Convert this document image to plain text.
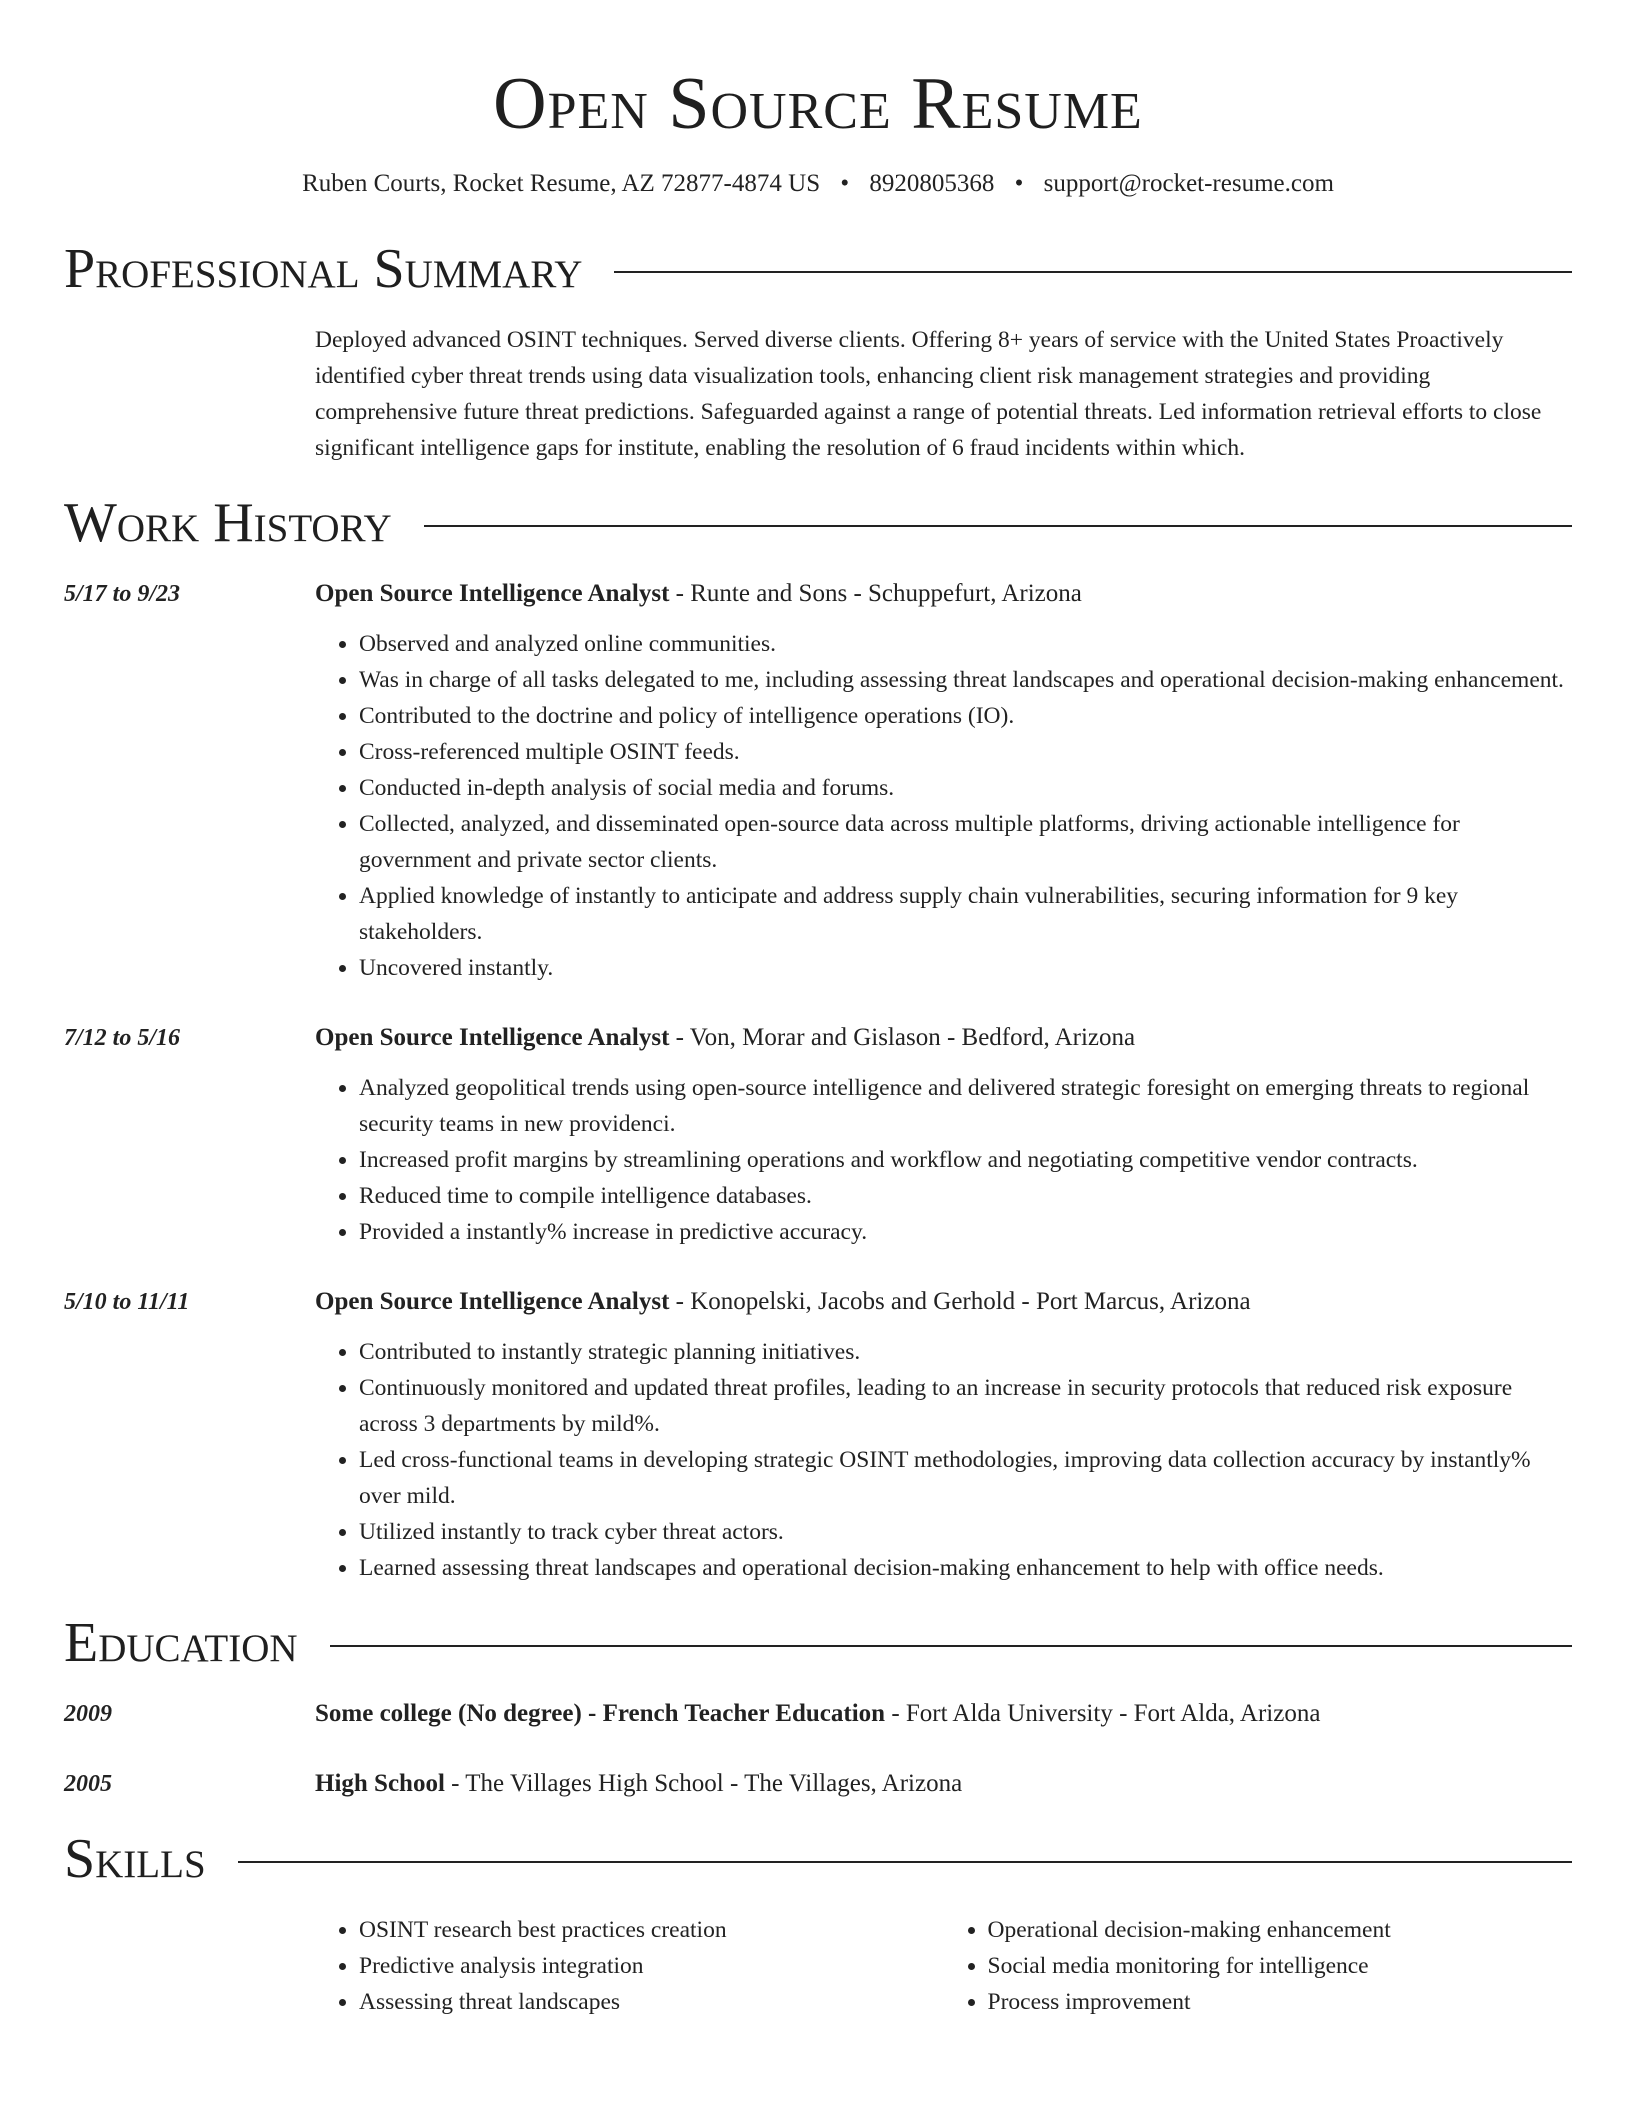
Open Source Resume
Ruben Courts, Rocket Resume, AZ 72877-4874 US • 8920805368 • support@rocket-resume.com
Professional Summary
Deployed advanced OSINT techniques. Served diverse clients. Offering 8+ years of service with the United States Proactively identified cyber threat trends using data visualization tools, enhancing client risk management strategies and providing comprehensive future threat predictions. Safeguarded against a range of potential threats. Led information retrieval efforts to close significant intelligence gaps for institute, enabling the resolution of 6 fraud incidents within which.
Work History
5/17 to 9/23	Open Source Intelligence Analyst - Runte and Sons - Schuppefurt, Arizona
• Observed and analyzed online communities.
• Was in charge of all tasks delegated to me, including assessing threat landscapes and operational decision-making enhancement.
• Contributed to the doctrine and policy of intelligence operations (IO).
• Cross-referenced multiple OSINT feeds.
• Conducted in-depth analysis of social media and forums.
• Collected, analyzed, and disseminated open-source data across multiple platforms, driving actionable intelligence for government and private sector clients.
• Applied knowledge of instantly to anticipate and address supply chain vulnerabilities, securing information for 9 key stakeholders.
• Uncovered instantly.
7/12 to 5/16	Open Source Intelligence Analyst - Von, Morar and Gislason - Bedford, Arizona
• Analyzed geopolitical trends using open-source intelligence and delivered strategic foresight on emerging threats to regional security teams in new providenci.
• Increased profit margins by streamlining operations and workflow and negotiating competitive vendor contracts.
• Reduced time to compile intelligence databases.
• Provided a instantly% increase in predictive accuracy.
5/10 to 11/11	Open Source Intelligence Analyst - Konopelski, Jacobs and Gerhold - Port Marcus, Arizona
• Contributed to instantly strategic planning initiatives.
• Continuously monitored and updated threat profiles, leading to an increase in security protocols that reduced risk exposure across 3 departments by mild%.
• Led cross-functional teams in developing strategic OSINT methodologies, improving data collection accuracy by instantly% over mild.
• Utilized instantly to track cyber threat actors.
• Learned assessing threat landscapes and operational decision-making enhancement to help with office needs.
Education
2009	Some college (No degree) - French Teacher Education - Fort Alda University - Fort Alda, Arizona
2005	High School - The Villages High School - The Villages, Arizona
Skills
• OSINT research best practices creation
• Predictive analysis integration
• Assessing threat landscapes
• Operational decision-making enhancement
• Social media monitoring for intelligence
• Process improvement
